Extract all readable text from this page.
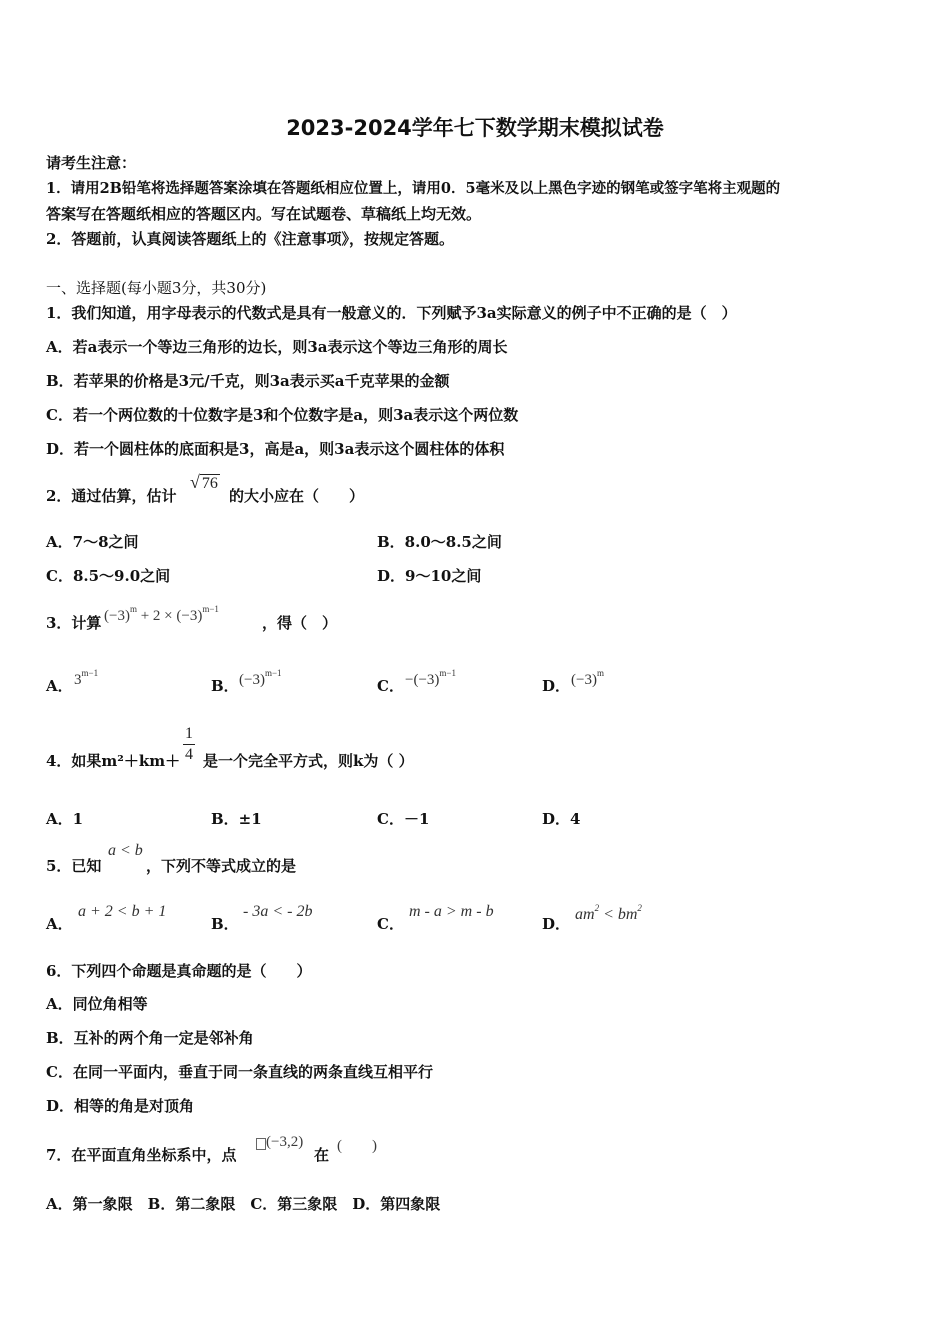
2023-2024学年七下数学期末模拟试卷
请考生注意：
1．请用2B铅笔将选择题答案涂填在答题纸相应位置上，请用0．5毫米及以上黑色字迹的钢笔或签字笔将主观题的
答案写在答题纸相应的答题区内。写在试题卷、草稿纸上均无效。
2．答题前，认真阅读答题纸上的《注意事项》，按规定答题。
一、选择题(每小题3分，共30分)
1．我们知道，用字母表示的代数式是具有一般意义的．下列赋予3a实际意义的例子中不正确的是（　）
A．若a表示一个等边三角形的边长，则3a表示这个等边三角形的周长
B．若苹果的价格是3元/千克，则3a表示买a千克苹果的金额
C．若一个两位数的十位数字是3和个位数字是a，则3a表示这个两位数
D．若一个圆柱体的底面积是3，高是a，则3a表示这个圆柱体的体积
2．通过估算，估计
√ 76
的大小应在（　　）
A．7～8之间	B．8.0～8.5之间
C．8.5～9.0之间	D．9～10之间
3．计算 $(-3)^m + 2 \times (-3)^{m-1}$
，得（　）
A． $3^{m-1}$
B． $(-3)^{m-1}$
C． $-(-3)^{m-1}$
D． $(-3)^m$
4．如果m²＋km＋
1
4 是一个完全平方式，则k为（ ）
A．1	B．±1	C．－1	D．4
5．已知
a < b
，下列不等式成立的是
A．
a + 2 < b + 1
B．
- 3a < - 2b
C．
m - a > m - b
D．
$am^2 < bm^2$
6．下列四个命题是真命题的是（　　）
A．同位角相等
B．互补的两个角一定是邻补角
C．在同一平面内，垂直于同一条直线的两条直线互相平行
D．相等的角是对顶角
7．在平面直角坐标系中，点
(−3,2)
在 (　　)
A．第一象限　B．第二象限　C．第三象限　D．第四象限
